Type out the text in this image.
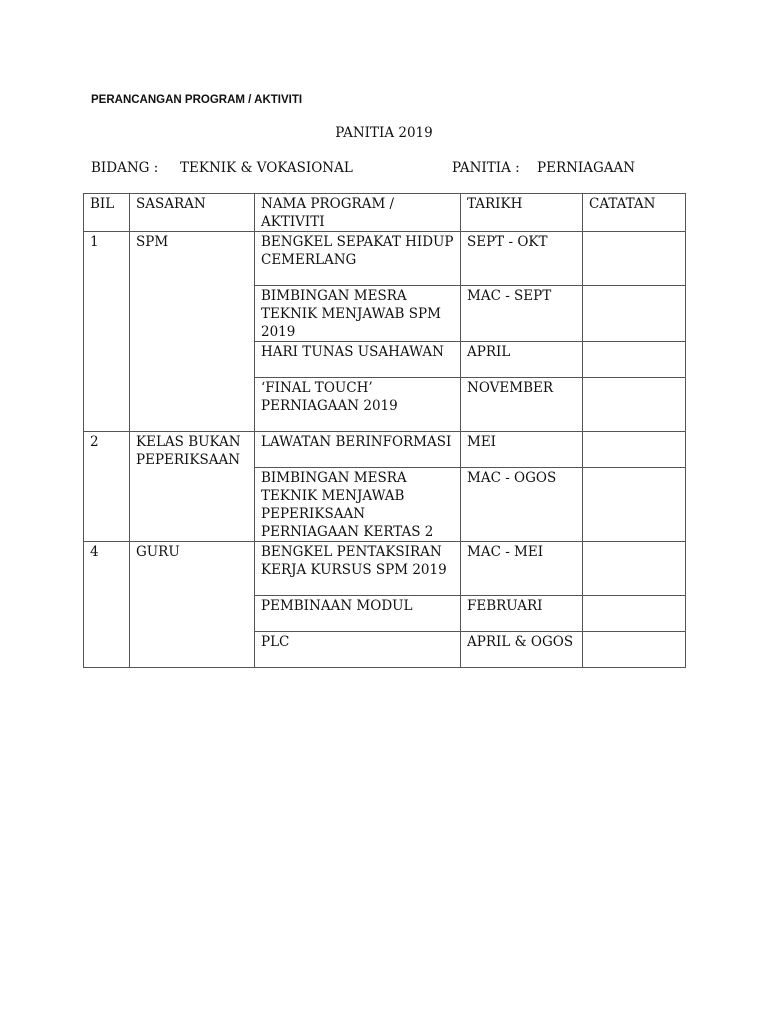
PERANCANGAN PROGRAM / AKTIVITI
PANITIA 2019
BIDANG : TEKNIK & VOKASIONAL	PANITIA : PERNIAGAAN
BIL	SASARAN	NAMA PROGRAM / AKTIVITI	TARIKH	CATATAN
1	SPM	BENGKEL SEPAKAT HIDUP CEMERLANG	SEPT - OKT	
		BIMBINGAN MESRA TEKNIK MENJAWAB SPM 2019	MAC - SEPT	
		HARI TUNAS USAHAWAN	APRIL	
		‘FINAL TOUCH’ PERNIAGAAN 2019	NOVEMBER	
2	KELAS BUKAN PEPERIKSAAN	LAWATAN BERINFORMASI	MEI	
		BIMBINGAN MESRA TEKNIK MENJAWAB PEPERIKSAAN PERNIAGAAN KERTAS 2	MAC - OGOS	
4	GURU	BENGKEL PENTAKSIRAN KERJA KURSUS SPM 2019	MAC - MEI	
		PEMBINAAN MODUL	FEBRUARI	
		PLC	APRIL & OGOS	
